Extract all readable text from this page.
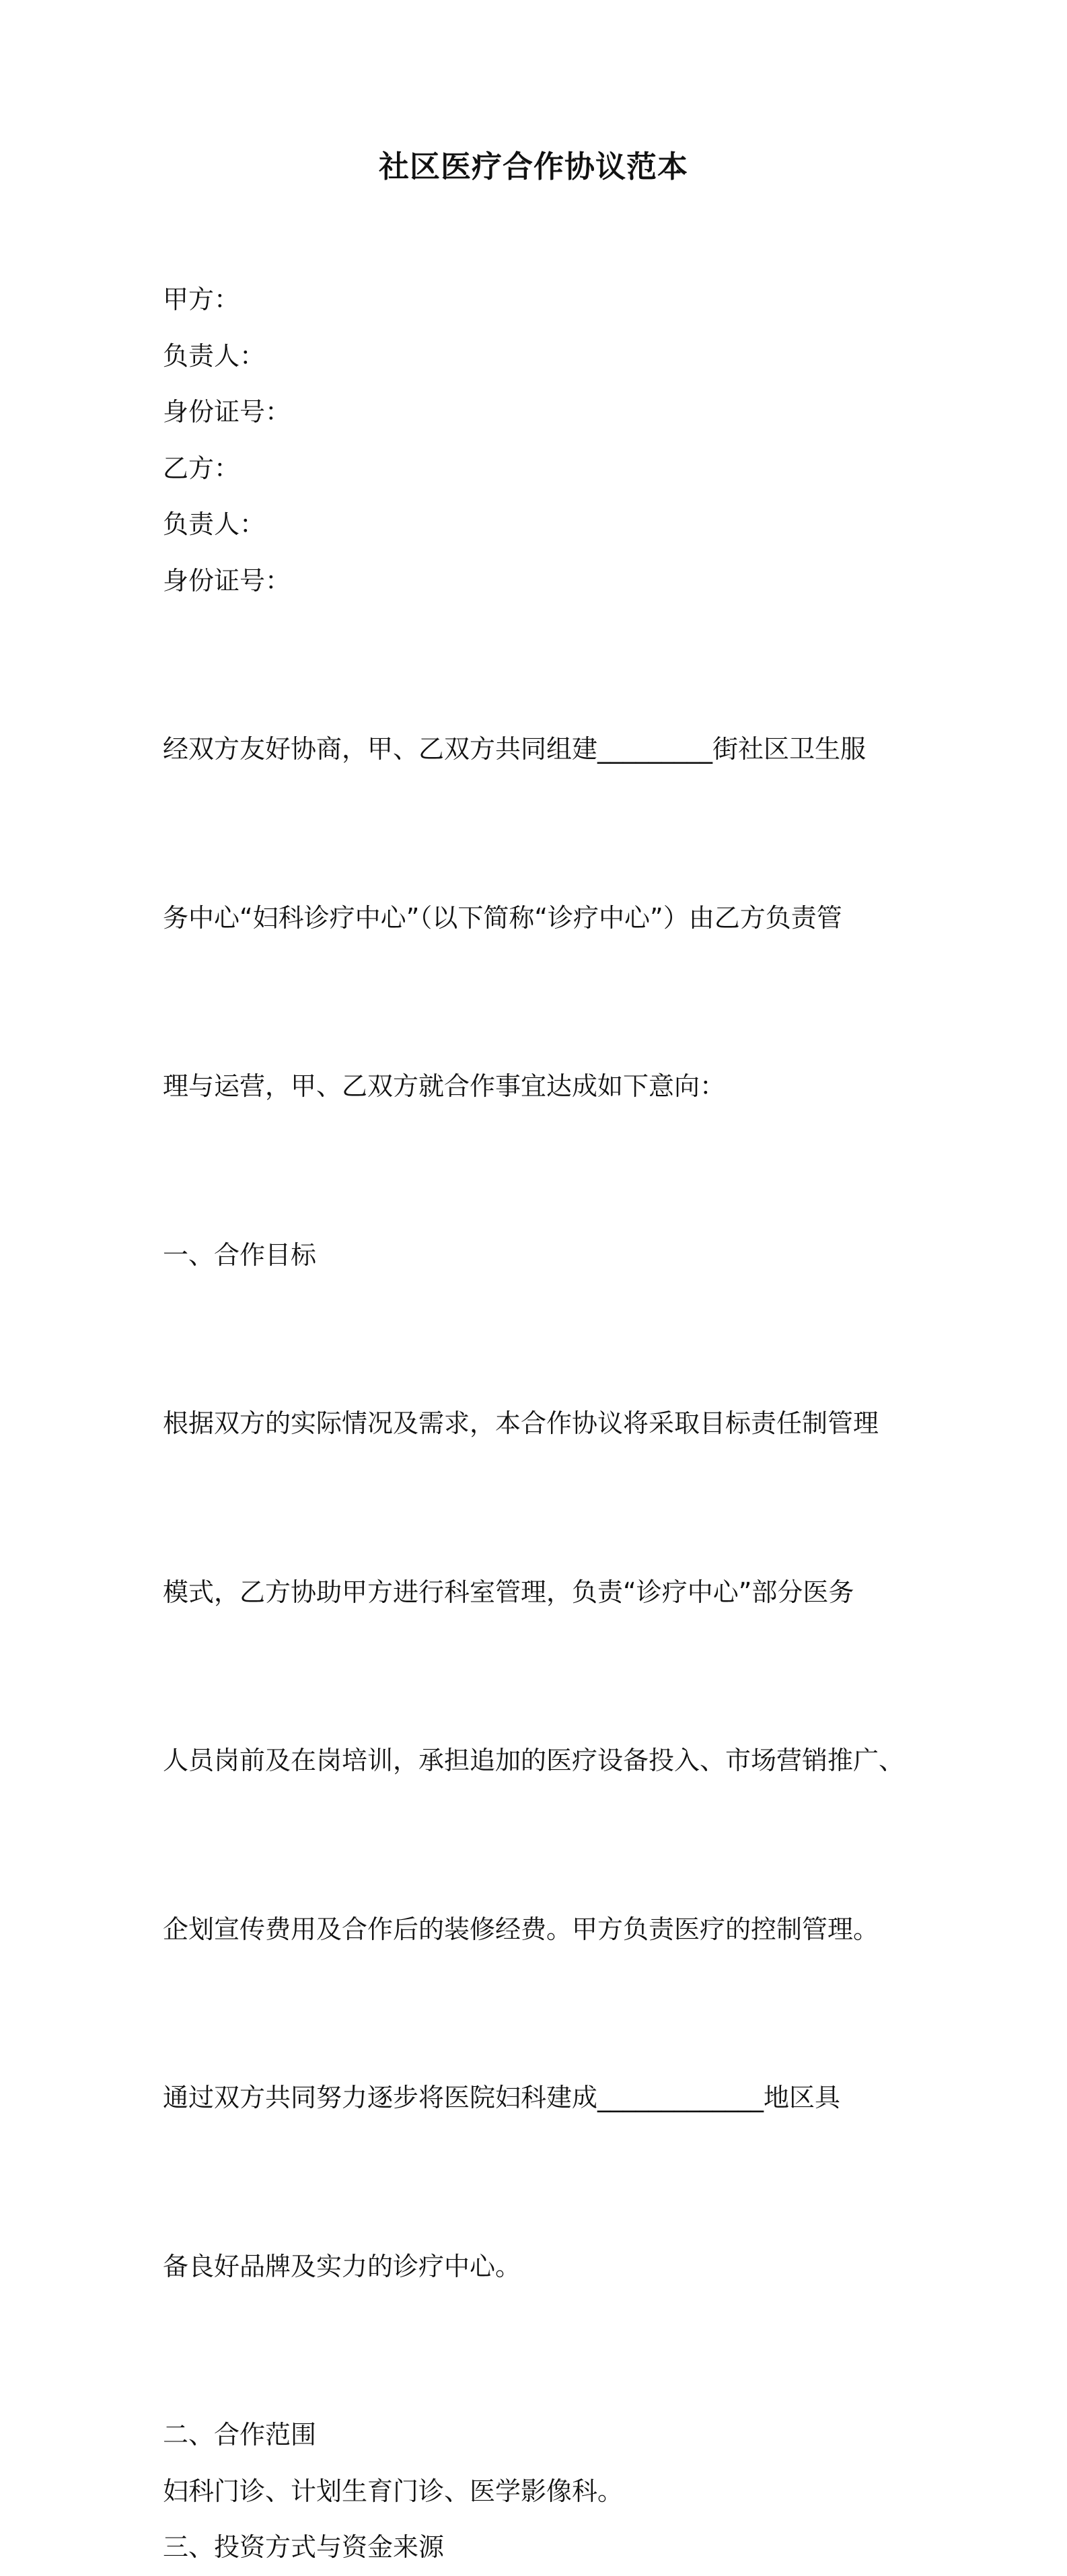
社区医疗合作协议范本
甲方：
负责人：
身份证号：
乙方：
负责人：
身份证号：

经双方友好协商，甲、乙双方共同组建_________街社区卫生服

务中心“妇科诊疗中心”（以下简称“诊疗中心”）由乙方负责管

理与运营，甲、乙双方就合作事宜达成如下意向：

一、合作目标

根据双方的实际情况及需求，本合作协议将采取目标责任制管理

模式，乙方协助甲方进行科室管理，负责“诊疗中心”部分医务

人员岗前及在岗培训，承担追加的医疗设备投入、市场营销推广、

企划宣传费用及合作后的装修经费。甲方负责医疗的控制管理。

通过双方共同努力逐步将医院妇科建成_____________地区具

备良好品牌及实力的诊疗中心。

二、合作范围
妇科门诊、计划生育门诊、医学影像科。
三、投资方式与资金来源
